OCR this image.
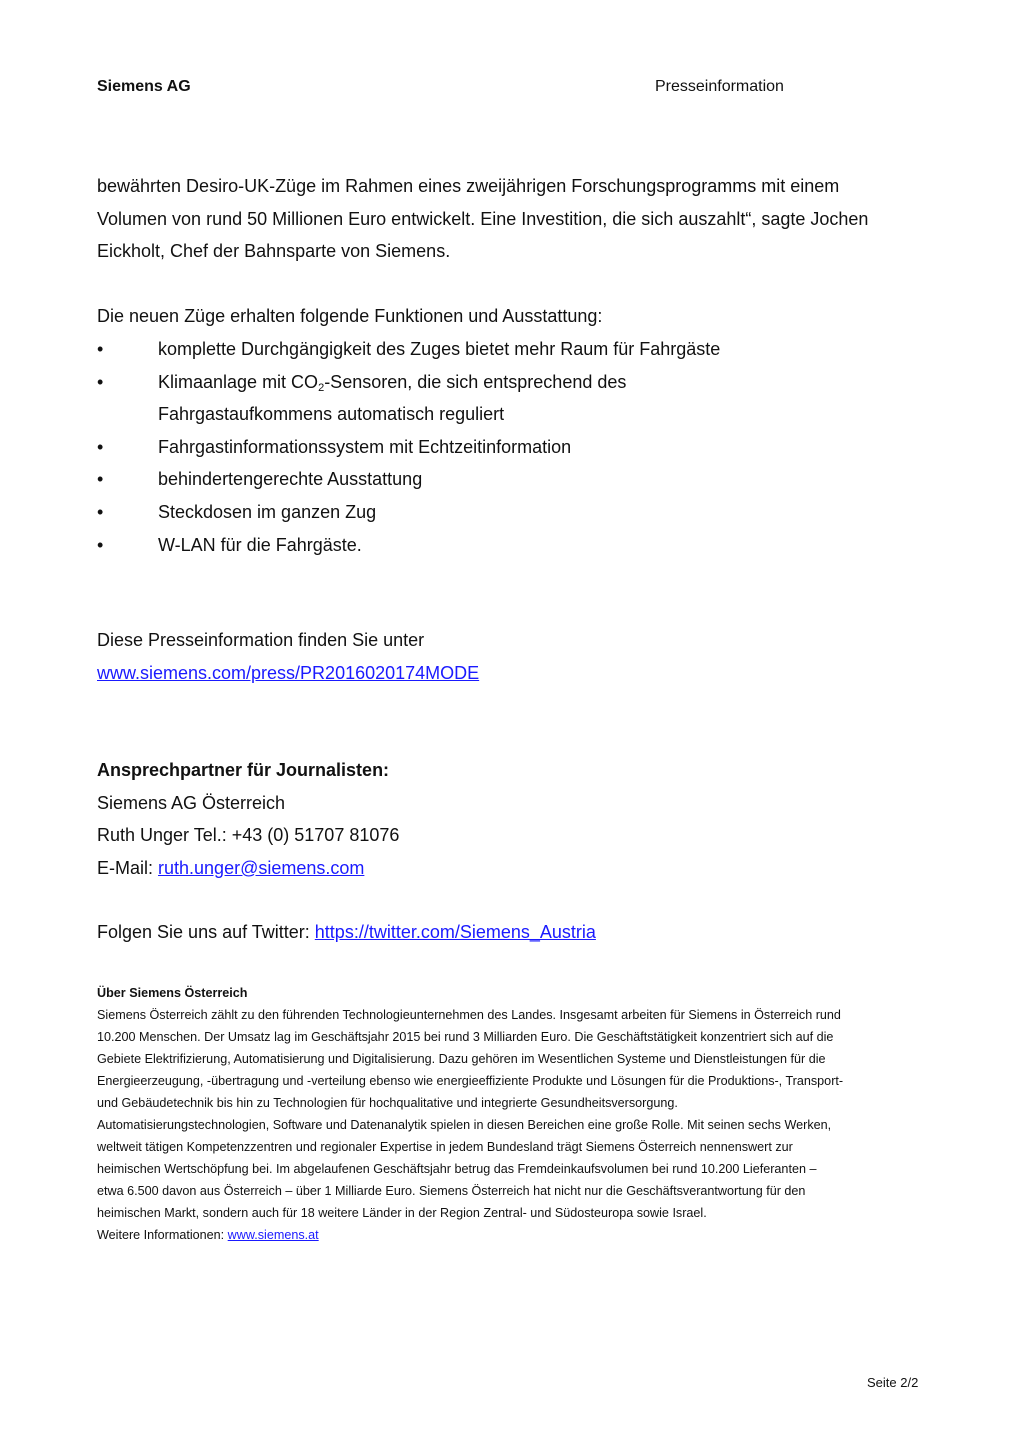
Siemens AG	Presseinformation
bewährten Desiro-UK-Züge im Rahmen eines zweijährigen Forschungsprogramms mit einem
Volumen von rund 50 Millionen Euro entwickelt. Eine Investition, die sich auszahlt“, sagte Jochen
Eickholt, Chef der Bahnsparte von Siemens.
Die neuen Züge erhalten folgende Funktionen und Ausstattung:
•	komplette Durchgängigkeit des Zuges bietet mehr Raum für Fahrgäste
•	Klimaanlage mit $CO_2$-Sensoren, die sich entsprechend des
Fahrgastaufkommens automatisch reguliert
•	Fahrgastinformationssystem mit Echtzeitinformation
•	behindertengerechte Ausstattung
•	Steckdosen im ganzen Zug
•	W-LAN für die Fahrgäste.
Diese Presseinformation finden Sie unter
www.siemens.com/press/PR2016020174MODE
Ansprechpartner für Journalisten:
Siemens AG Österreich
Ruth Unger Tel.: +43 (0) 51707 81076
E-Mail: ruth.unger@siemens.com
Folgen Sie uns auf Twitter: https://twitter.com/Siemens_Austria
Über Siemens Österreich
Siemens Österreich zählt zu den führenden Technologieunternehmen des Landes. Insgesamt arbeiten für Siemens in Österreich rund
10.200 Menschen. Der Umsatz lag im Geschäftsjahr 2015 bei rund 3 Milliarden Euro. Die Geschäftstätigkeit konzentriert sich auf die
Gebiete Elektrifizierung, Automatisierung und Digitalisierung. Dazu gehören im Wesentlichen Systeme und Dienstleistungen für die
Energieerzeugung, -übertragung und -verteilung ebenso wie energieeffiziente Produkte und Lösungen für die Produktions-, Transport-
und Gebäudetechnik bis hin zu Technologien für hochqualitative und integrierte Gesundheitsversorgung.
Automatisierungstechnologien, Software und Datenanalytik spielen in diesen Bereichen eine große Rolle. Mit seinen sechs Werken,
weltweit tätigen Kompetenzzentren und regionaler Expertise in jedem Bundesland trägt Siemens Österreich nennenswert zur
heimischen Wertschöpfung bei. Im abgelaufenen Geschäftsjahr betrug das Fremdeinkaufsvolumen bei rund 10.200 Lieferanten –
etwa 6.500 davon aus Österreich – über 1 Milliarde Euro. Siemens Österreich hat nicht nur die Geschäftsverantwortung für den
heimischen Markt, sondern auch für 18 weitere Länder in der Region Zentral- und Südosteuropa sowie Israel.
Weitere Informationen: www.siemens.at
Seite 2/2
